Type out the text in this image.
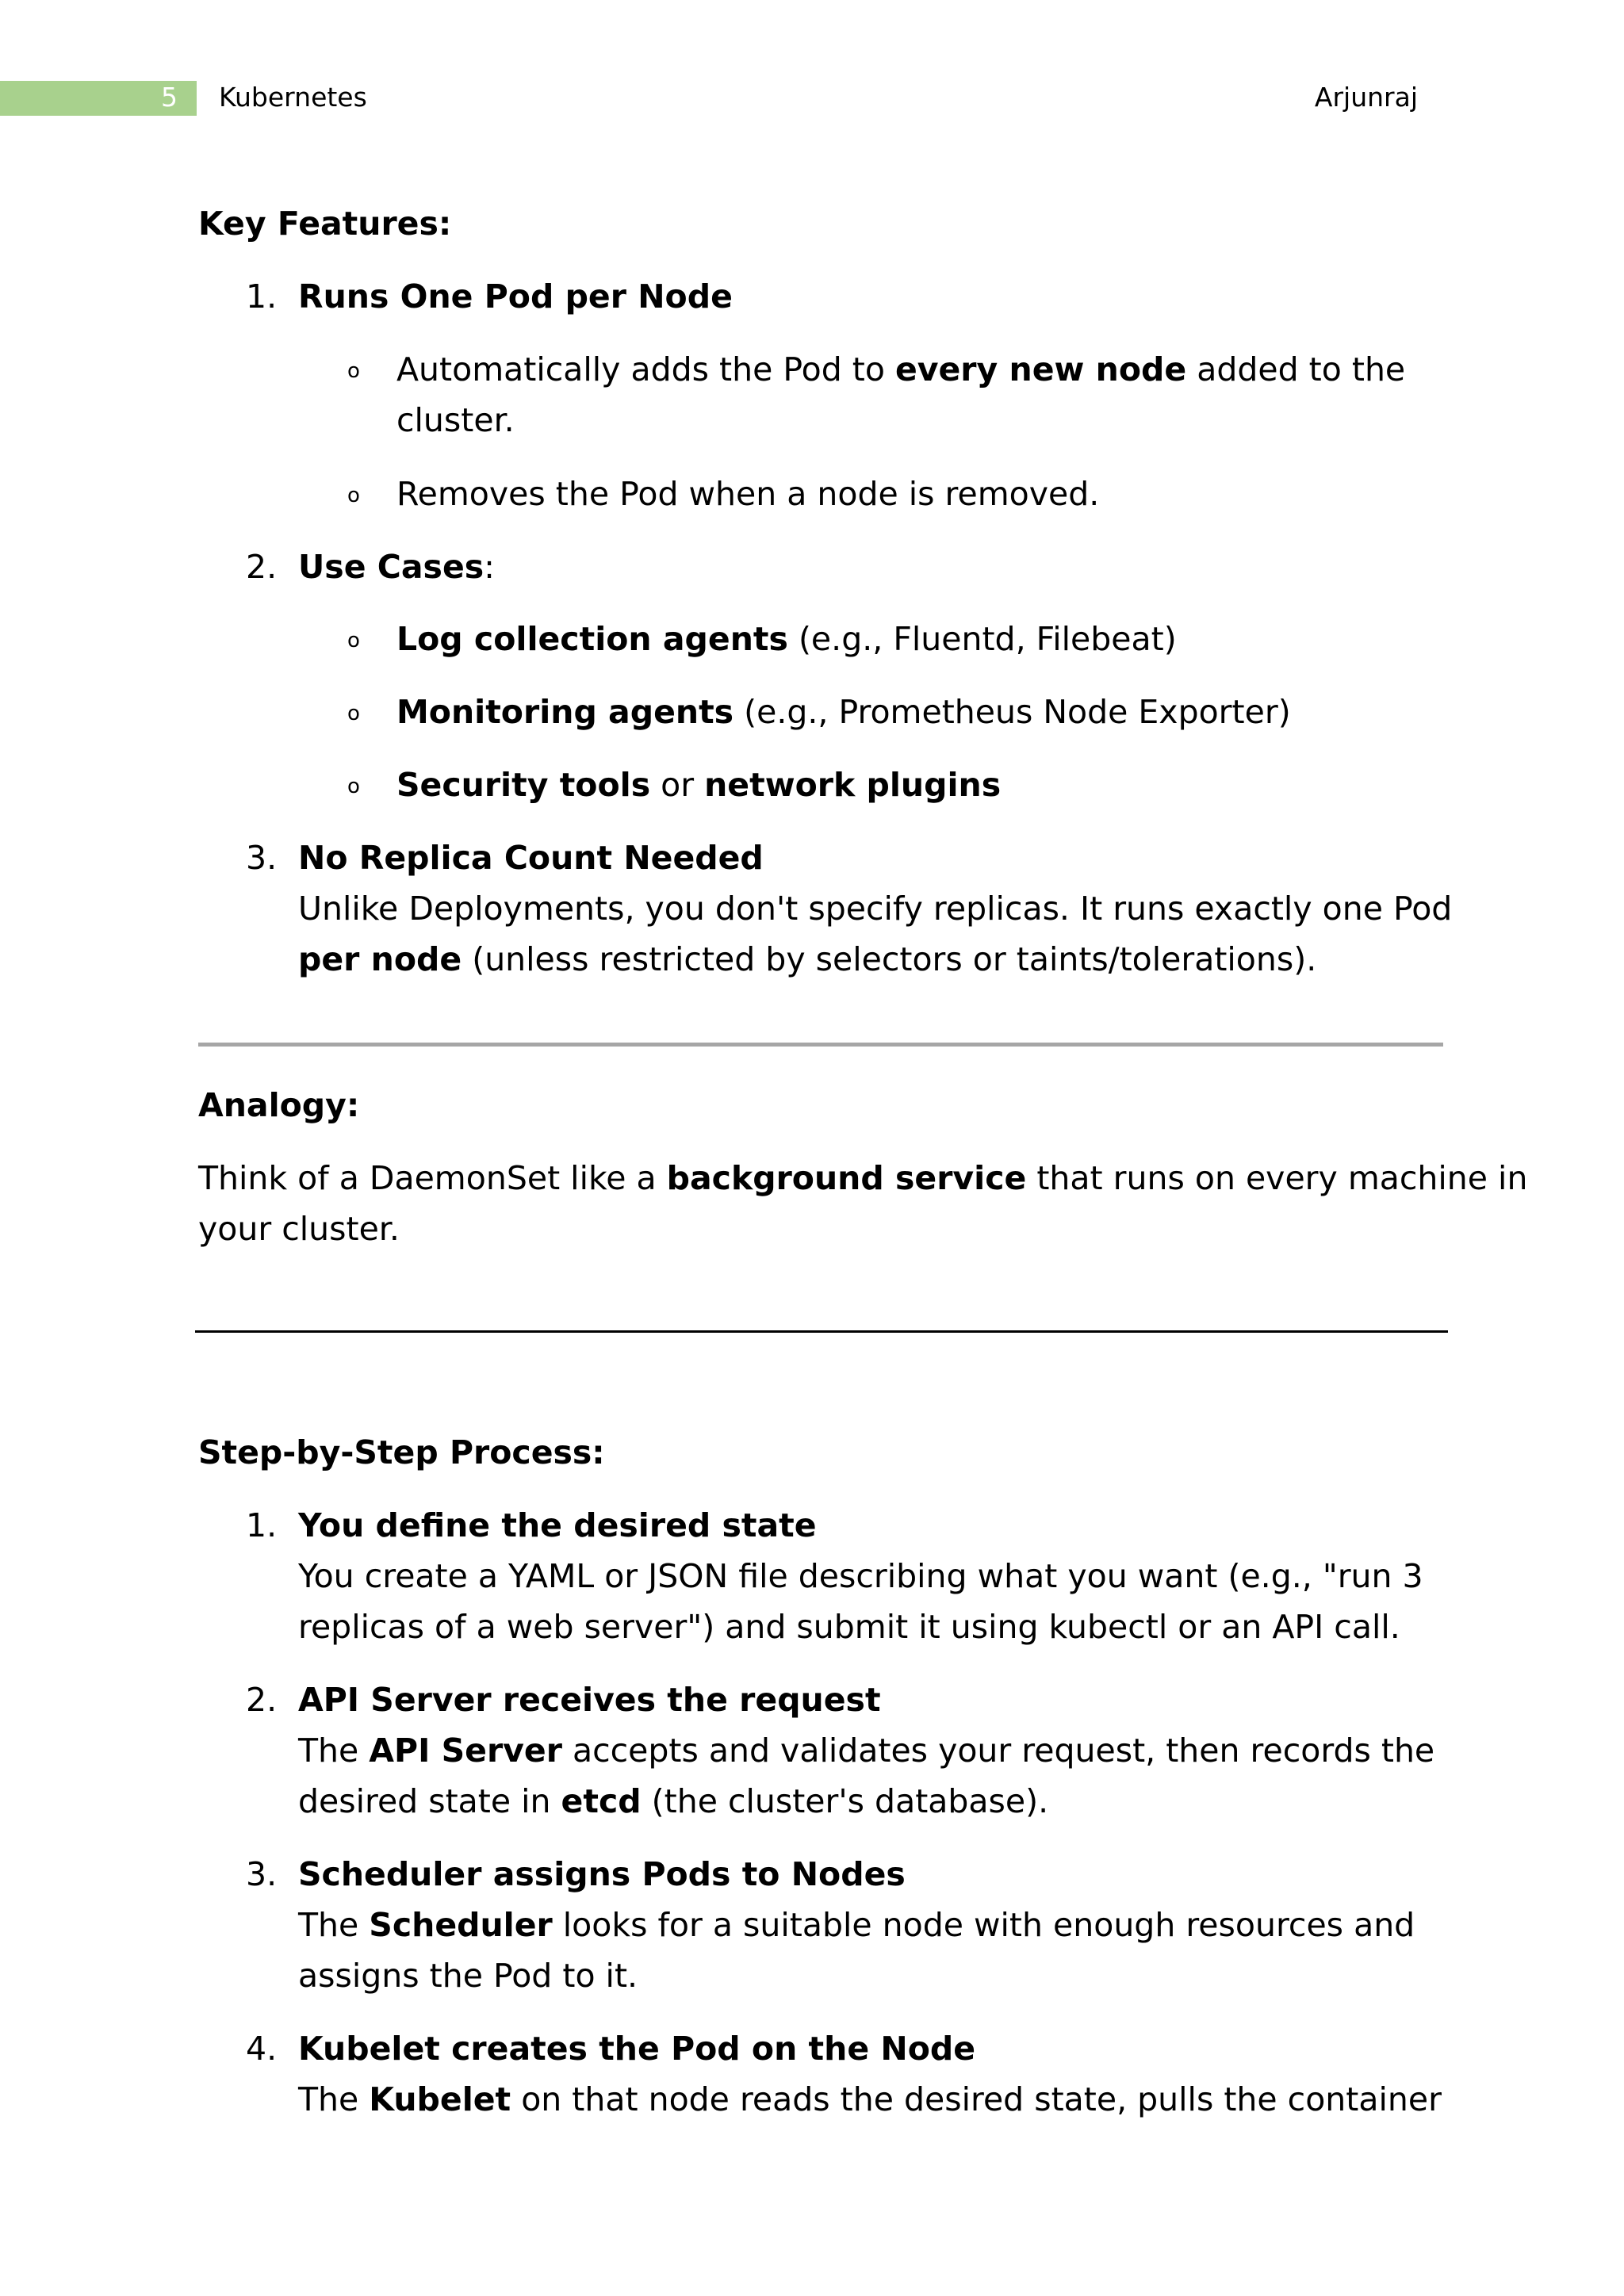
5 Kubernetes	Arjunraj
Key Features:
1. Runs One Pod per Node
o Automatically adds the Pod to every new node added to the
cluster.
o Removes the Pod when a node is removed.
2. Use Cases:
o Log collection agents (e.g., Fluentd, Filebeat)
o Monitoring agents (e.g., Prometheus Node Exporter)
o Security tools or network plugins
3. No Replica Count Needed
Unlike Deployments, you don't specify replicas. It runs exactly one Pod
per node (unless restricted by selectors or taints/tolerations).
Analogy:
Think of a DaemonSet like a background service that runs on every machine in
your cluster.
Step-by-Step Process:
1. You define the desired state
You create a YAML or JSON file describing what you want (e.g., "run 3
replicas of a web server") and submit it using kubectl or an API call.
2. API Server receives the request
The API Server accepts and validates your request, then records the
desired state in etcd (the cluster's database).
3. Scheduler assigns Pods to Nodes
The Scheduler looks for a suitable node with enough resources and
assigns the Pod to it.
4. Kubelet creates the Pod on the Node
The Kubelet on that node reads the desired state, pulls the container
